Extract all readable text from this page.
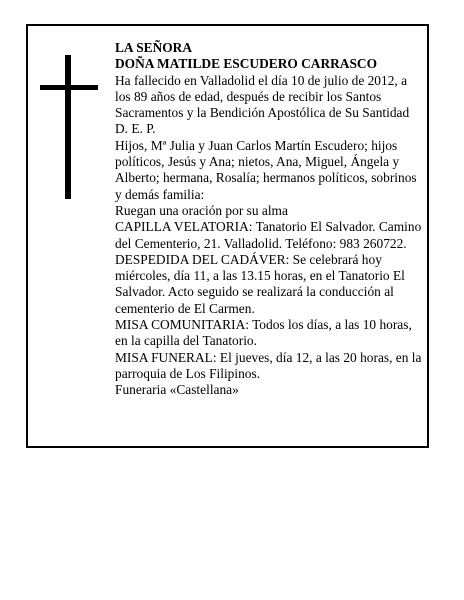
LA SEÑORA

DOÑA MATILDE ESCUDERO CARRASCO

Ha fallecido en Valladolid el día 10 de julio de 2012, a los 89 años de edad, después de recibir los Santos Sacramentos y la Bendición Apostólica de Su Santidad D. E. P.

Hijos, Mª Julia y Juan Carlos Martín Escudero; hijos políticos, Jesús y Ana; nietos, Ana, Miguel, Ángela y Alberto; hermana, Rosalía; hermanos políticos, sobrinos y demás familia:

Ruegan una oración por su alma

CAPILLA VELATORIA: Tanatorio El Salvador. Camino del Cementerio, 21. Valladolid. Teléfono: 983 260722.

DESPEDIDA DEL CADÁVER: Se celebrará hoy miércoles, día 11, a las 13.15 horas, en el Tanatorio El Salvador. Acto seguido se realizará la conducción al cementerio de El Carmen.

MISA COMUNITARIA: Todos los días, a las 10 horas, en la capilla del Tanatorio.

MISA FUNERAL: El jueves, día 12, a las 20 horas, en la parroquia de Los Filipinos.

Funeraria «Castellana»
